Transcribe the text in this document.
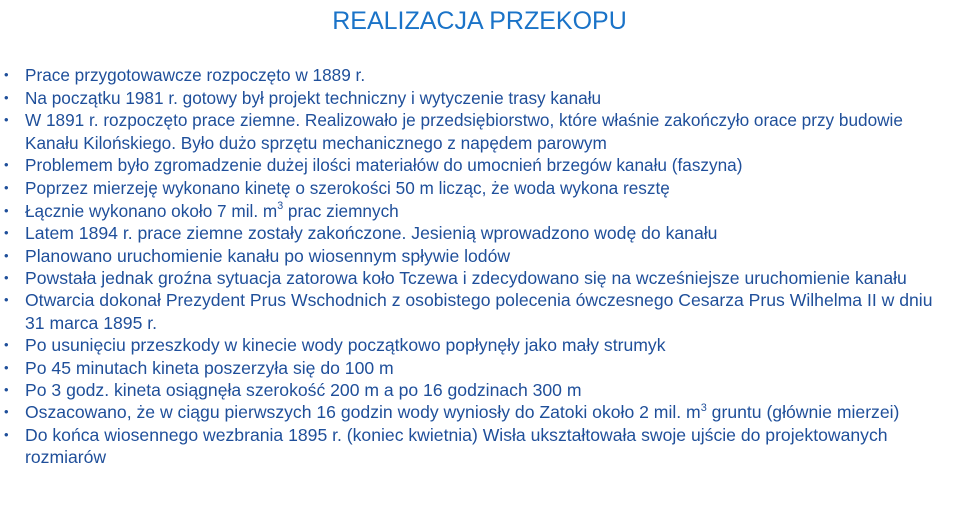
REALIZACJA PRZEKOPU
• Prace przygotowawcze rozpoczęto w 1889 r.
• Na początku 1981 r. gotowy był projekt techniczny i wytyczenie trasy kanału
• W 1891 r. rozpoczęto prace ziemne. Realizowało je przedsiębiorstwo, które właśnie zakończyło orace przy budowie Kanału Kilońskiego. Było dużo sprzętu mechanicznego z napędem parowym
• Problemem było zgromadzenie dużej ilości materiałów do umocnień brzegów kanału (faszyna)
• Poprzez mierzeję wykonano kinetę o szerokości 50 m licząc, że woda wykona resztę
• Łącznie wykonano około 7 mil. $m^3$ prac ziemnych
• Latem 1894 r. prace ziemne zostały zakończone. Jesienią wprowadzono wodę do kanału
• Planowano uruchomienie kanału po wiosennym spływie lodów
• Powstała jednak groźna sytuacja zatorowa koło Tczewa i zdecydowano się na wcześniejsze uruchomienie kanału
• Otwarcia dokonał Prezydent Prus Wschodnich z osobistego polecenia ówczesnego Cesarza Prus Wilhelma II w dniu 31 marca 1895 r.
• Po usunięciu przeszkody w kinecie wody początkowo popłynęły jako mały strumyk
• Po 45 minutach kineta poszerzyła się do 100 m
• Po 3 godz. kineta osiągnęła szerokość 200 m a po 16 godzinach 300 m
• Oszacowano, że w ciągu pierwszych 16 godzin wody wyniosły do Zatoki około 2 mil. $m^3$ gruntu (głównie mierzei)
• Do końca wiosennego wezbrania 1895 r. (koniec kwietnia) Wisła ukształtowała swoje ujście do projektowanych rozmiarów
